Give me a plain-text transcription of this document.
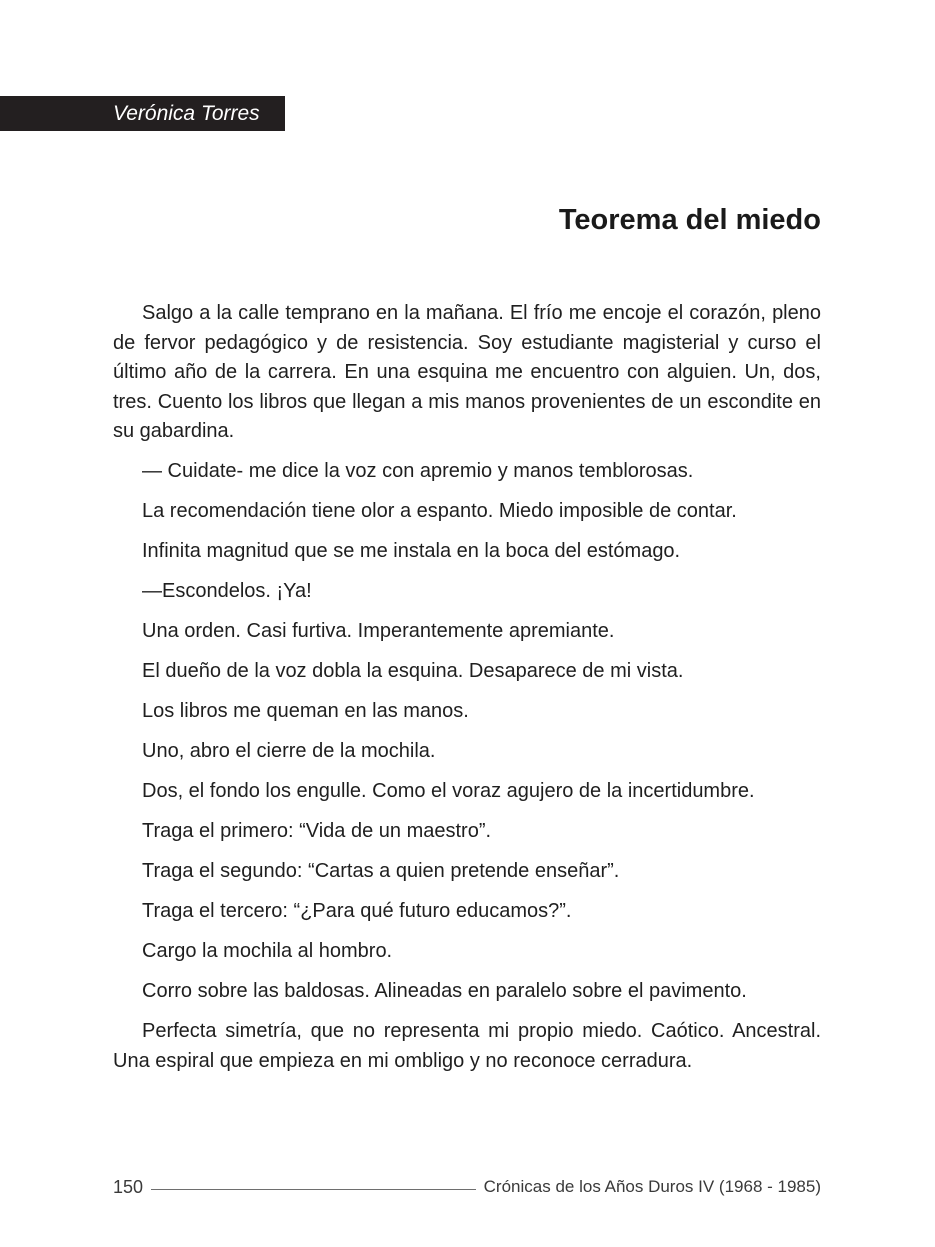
Verónica Torres
Teorema del miedo

Salgo a la calle temprano en la mañana. El frío me encoje el corazón, pleno de fervor pedagógico y de resistencia. Soy estudiante magisterial y curso el último año de la carrera. En una esquina me encuentro con alguien. Un, dos, tres. Cuento los libros que llegan a mis manos provenientes de un escondite en su gabardina.

— Cuidate- me dice la voz con apremio y manos temblorosas.

La recomendación tiene olor a espanto. Miedo imposible de contar.

Infinita magnitud que se me instala en la boca del estómago.

—Escondelos. ¡Ya!

Una orden. Casi furtiva. Imperantemente apremiante.

El dueño de la voz dobla la esquina. Desaparece de mi vista.

Los libros me queman en las manos.

Uno, abro el cierre de la mochila.

Dos, el fondo los engulle. Como el voraz agujero de la incertidumbre.

Traga el primero: “Vida de un maestro”.

Traga el segundo: “Cartas a quien pretende enseñar”.

Traga el tercero: “¿Para qué futuro educamos?”.

Cargo la mochila al hombro.

Corro sobre las baldosas. Alineadas en paralelo sobre el pavimento.

Perfecta simetría, que no representa mi propio miedo. Caótico. Ancestral. Una espiral que empieza en mi ombligo y no reconoce cerradura.

150	Crónicas de los Años Duros IV (1968 - 1985)
